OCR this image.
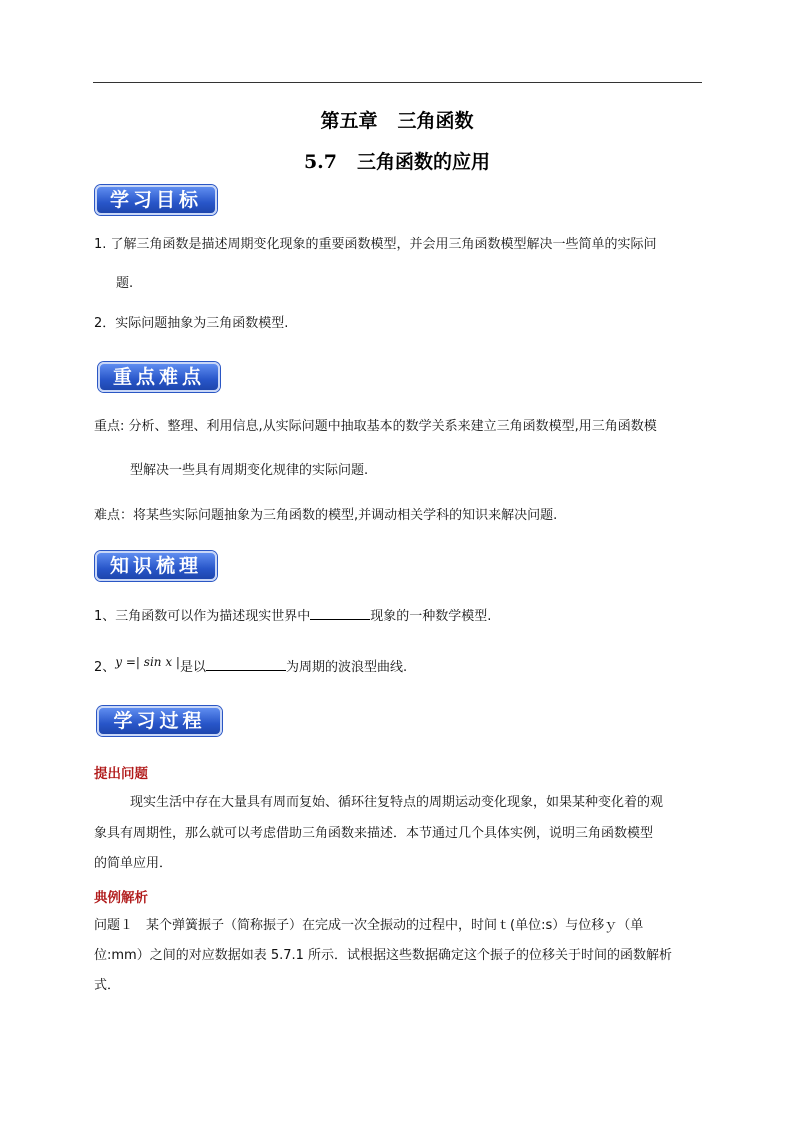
第五章 三角函数
5.7 三角函数的应用
学习目标
1. 了解三角函数是描述周期变化现象的重要函数模型，并会用三角函数模型解决一些简单的实际问
题.
2．实际问题抽象为三角函数模型.
重点难点
重点: 分析、整理、利用信息,从实际问题中抽取基本的数学关系来建立三角函数模型,用三角函数模
型解决一些具有周期变化规律的实际问题.
难点：将某些实际问题抽象为三角函数的模型,并调动相关学科的知识来解决问题.
知识梳理
1、三角函数可以作为描述现实世界中	现象的一种数学模型.
2、y =| sin x |是以	为周期的波浪型曲线.
学习过程
提出问题
现实生活中存在大量具有周而复始、循环往复特点的周期运动变化现象，如果某种变化着的观
象具有周期性，那么就可以考虑借助三角函数来描述．本节通过几个具体实例，说明三角函数模型
的简单应用．
典例解析
问题１　某个弹簧振子（简称振子）在完成一次全振动的过程中，时间ｔ(单位:s）与位移ｙ（单
位:mm）之间的对应数据如表 5.7.1 所示．试根据这些数据确定这个振子的位移关于时间的函数解析
式．
